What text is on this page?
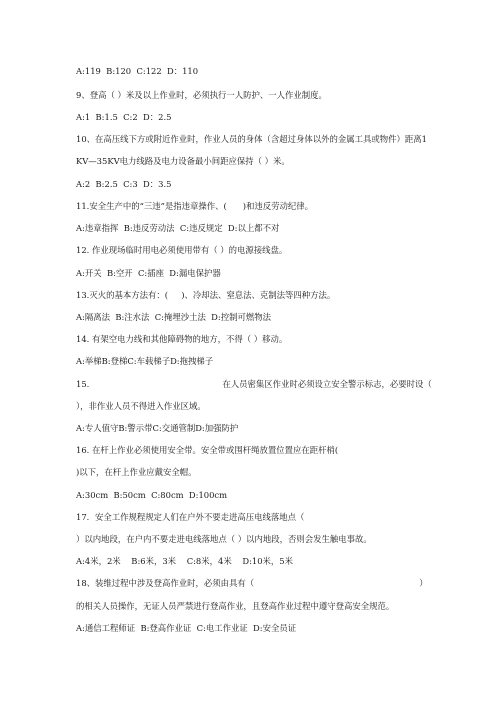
A:119  B:120  C:122  D：110
9、登高（ ）米及以上作业时，必须执行一人防护、一人作业制度。
A:1  B:1.5  C:2  D：2.5
10、在高压线下方或附近作业时，作业人员的身体（含超过身体以外的金属工具或物件）距离1
KV—35KV电力线路及电力设备最小间距应保持（ ）米。
A:2  B:2.5  C:3  D：3.5
11.安全生产中的“三违”是指违章操作、(      )和违反劳动纪律。
A:违章指挥  B:违反劳动法  C:违反规定  D:以上都不对
12. 作业现场临时用电必须使用带有（ ）的电源接线盘。
A:开关  B:空开  C:插座  D:漏电保护器
13.灭火的基本方法有：(     )、冷却法、窒息法、克制法等四种方法。
A:隔离法  B:注水法  C:掩埋沙土法  D:控制可燃物法
14. 有架空电力线和其他障碍物的地方，不得（ ）移动。
A:举梯B:登梯C:车载梯子D:拖拽梯子
15.                                                  在人员密集区作业时必须设立安全警示标志，必要时设（
），非作业人员不得进入作业区域。
A:专人值守B:警示带C:交通管制D:加强防护
16. 在杆上作业必须使用安全带。安全带或围杆绳放置位置应在距杆梢(
)以下，在杆上作业应戴安全帽。
A:30cm  B:50cm  C:80cm  D:100cm
17．安全工作规程规定人们在户外不要走进高压电线落地点（
）以内地段，在户内不要走进电线落地点（ ）以内地段，否则会发生触电事故。
A:4米，2米    B:6米，3米    C:8米，4米    D:10米，5米
18、装维过程中涉及登高作业时，必须由具有（                                                              ）
的相关人员操作，无证人员严禁进行登高作业，且登高作业过程中遵守登高安全规范。
A:通信工程师证  B:登高作业证  C:电工作业证  D:安全员证
